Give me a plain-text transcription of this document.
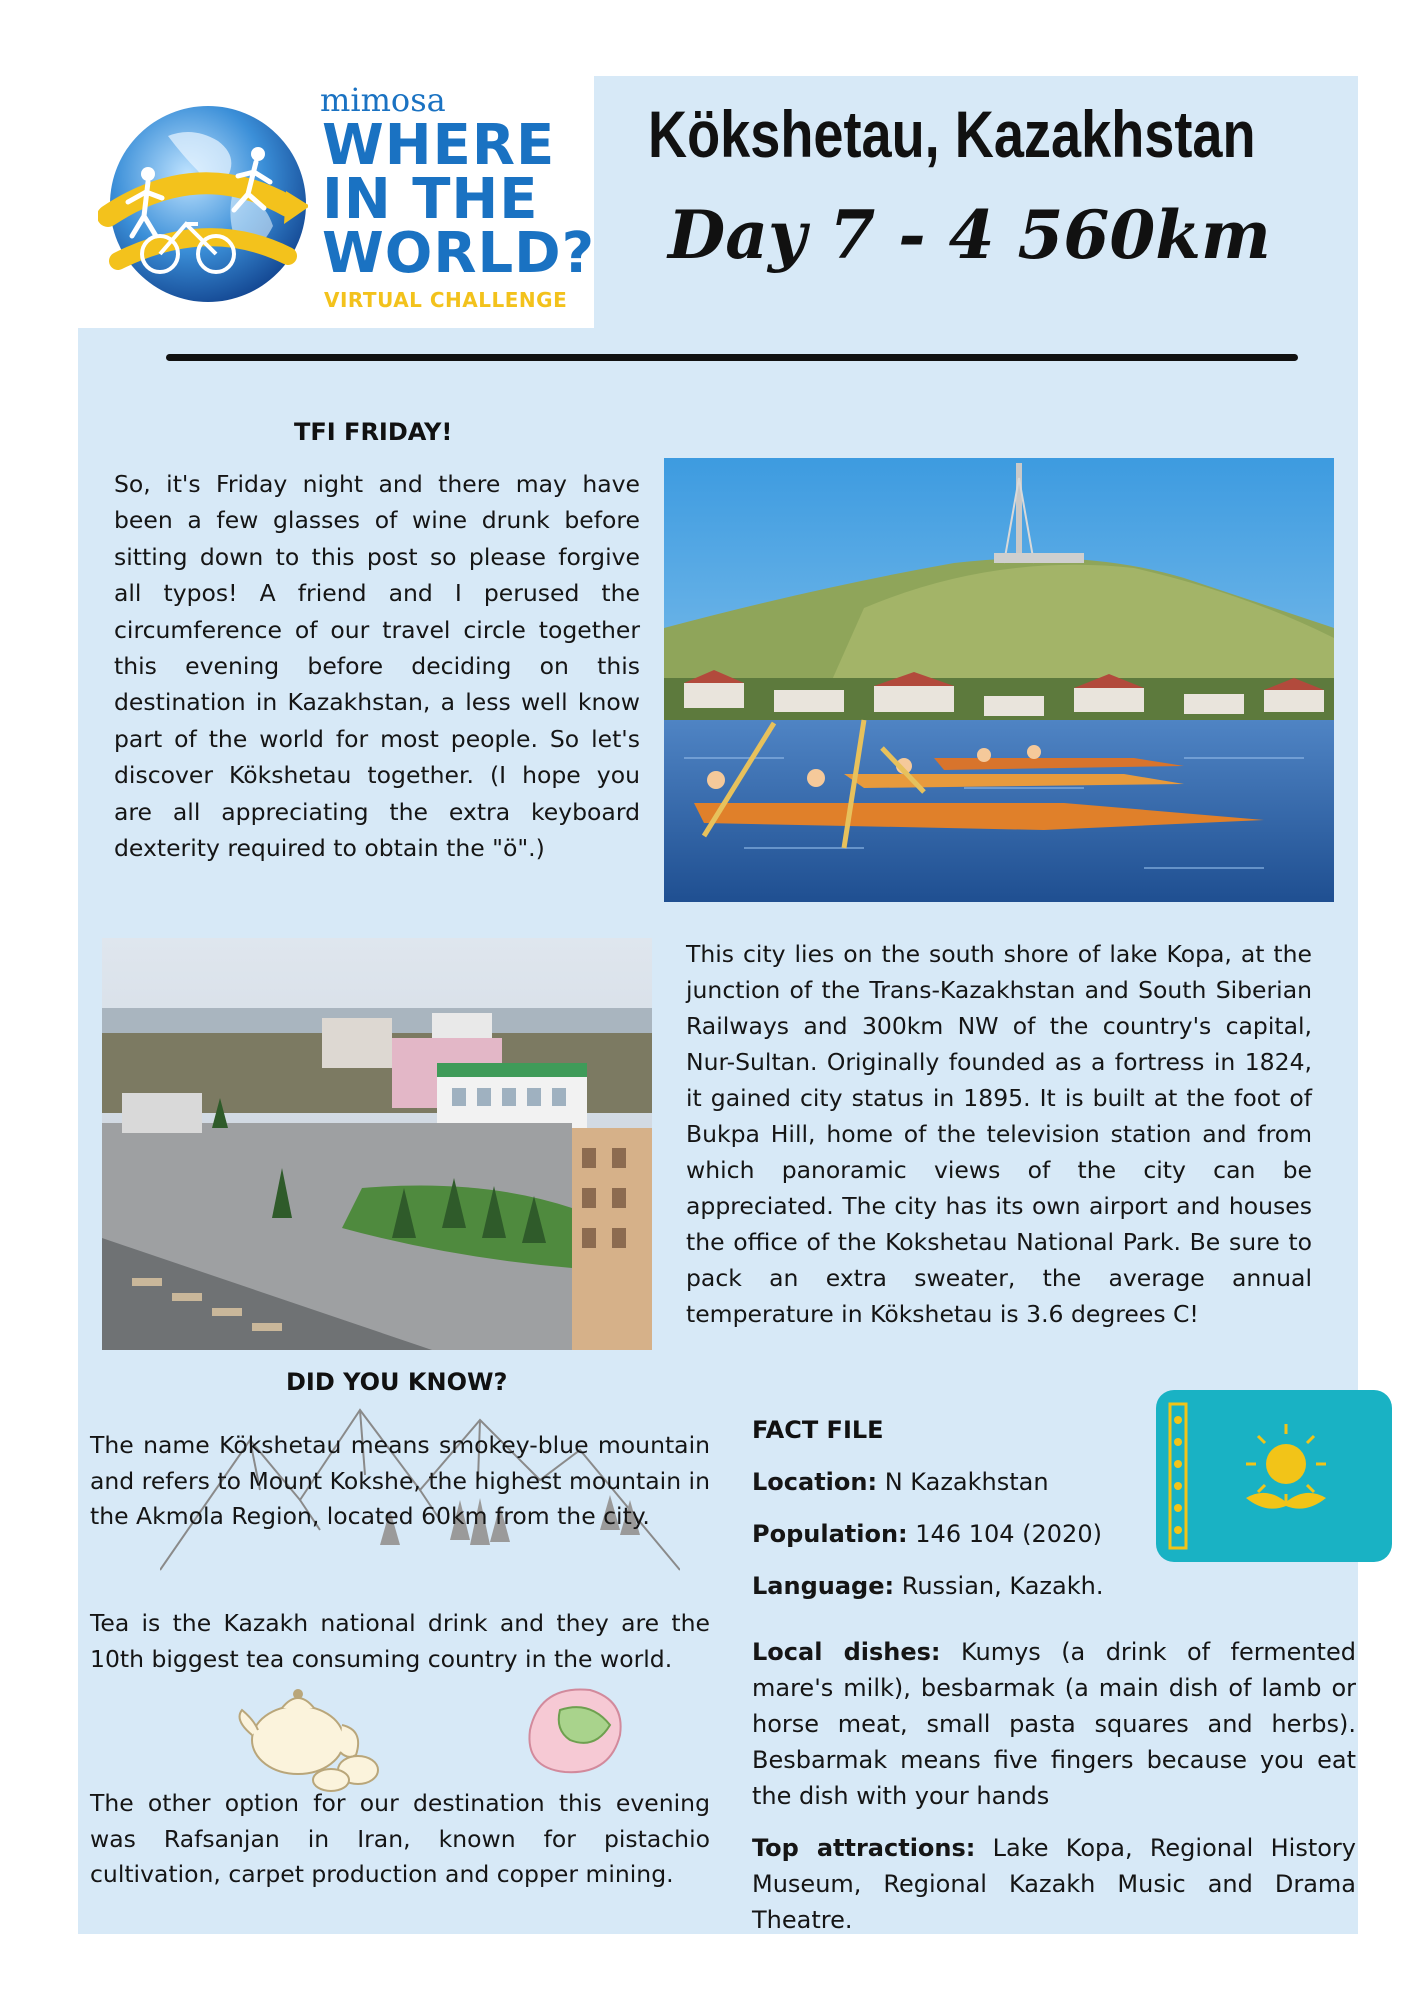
mimosa
WHERE
IN THE
WORLD?
VIRTUAL CHALLENGE
Kökshetau, Kazakhstan
Day 7 - 4 560km
TFI FRIDAY!
So, it's Friday night and there may have been a few glasses of wine drunk before sitting down to this post so please forgive all typos! A friend and I perused the circumference of our travel circle together this evening before deciding on this destination in Kazakhstan, a less well know part of the world for most people. So let's discover Kökshetau together. (I hope you are all appreciating the extra keyboard dexterity required to obtain the "ö".)
This city lies on the south shore of lake Kopa, at the junction of the Trans-Kazakhstan and South Siberian Railways and 300km NW of the country's capital, Nur-Sultan. Originally founded as a fortress in 1824, it gained city status in 1895. It is built at the foot of Bukpa Hill, home of the television station and from which panoramic views of the city can be appreciated. The city has its own airport and houses the office of the Kokshetau National Park. Be sure to pack an extra sweater, the average annual temperature in Kökshetau is 3.6 degrees C!
DID YOU KNOW?
The name Kökshetau means smokey-blue mountain and refers to Mount Kokshe, the highest mountain in the Akmola Region, located 60km from the city.
Tea is the Kazakh national drink and they are the 10th biggest tea consuming country in the world.
The other option for our destination this evening was Rafsanjan in Iran, known for pistachio cultivation, carpet production and copper mining.
FACT FILE
Location: N Kazakhstan
Population: 146 104 (2020)
Language: Russian, Kazakh.
Local dishes: Kumys (a drink of fermented mare's milk), besbarmak (a main dish of lamb or horse meat, small pasta squares and herbs). Besbarmak means five fingers because you eat the dish with your hands
Top attractions: Lake Kopa, Regional History Museum, Regional Kazakh Music and Drama Theatre.
